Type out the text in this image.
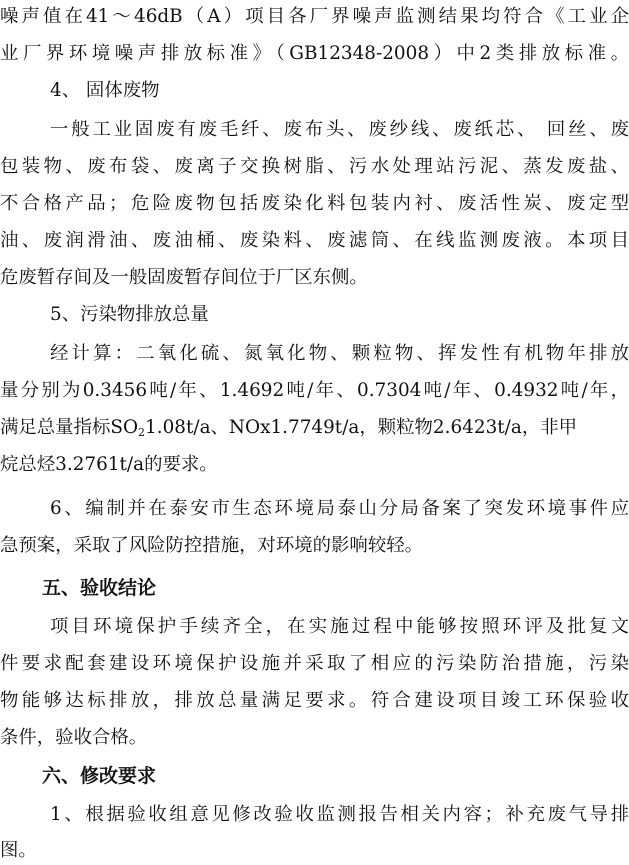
噪声值在41～46dB（A）项目各厂界噪声监测结果均符合《工业企
业厂界环境噪声排放标准》（GB12348-2008）中2类排放标准。
4、 固体废物
一般工业固废有废毛纤、废布头、废纱线、废纸芯、 回丝、废
包装物、废布袋、废离子交换树脂、污水处理站污泥、蒸发废盐、
不合格产品；危险废物包括废染化料包装内衬、废活性炭、废定型
油、废润滑油、废油桶、废染料、废滤筒、在线监测废液。本项目
危废暂存间及一般固废暂存间位于厂区东侧。
5、污染物排放总量
经计算：二氧化硫、氮氧化物、颗粒物、挥发性有机物年排放
量分别为0.3456吨/年、1.4692吨/年、0.7304吨/年、0.4932吨/年，
满足总量指标$SO_21.08t/a$、NOx1.7749t/a，颗粒物2.6423t/a，非甲
烷总烃3.2761t/a的要求。
6、编制并在泰安市生态环境局泰山分局备案了突发环境事件应
急预案，采取了风险防控措施，对环境的影响较轻。
五、验收结论
项目环境保护手续齐全，在实施过程中能够按照环评及批复文
件要求配套建设环境保护设施并采取了相应的污染防治措施，污染
物能够达标排放，排放总量满足要求。符合建设项目竣工环保验收
条件，验收合格。
六、修改要求
1、根据验收组意见修改验收监测报告相关内容；补充废气导排
图。
